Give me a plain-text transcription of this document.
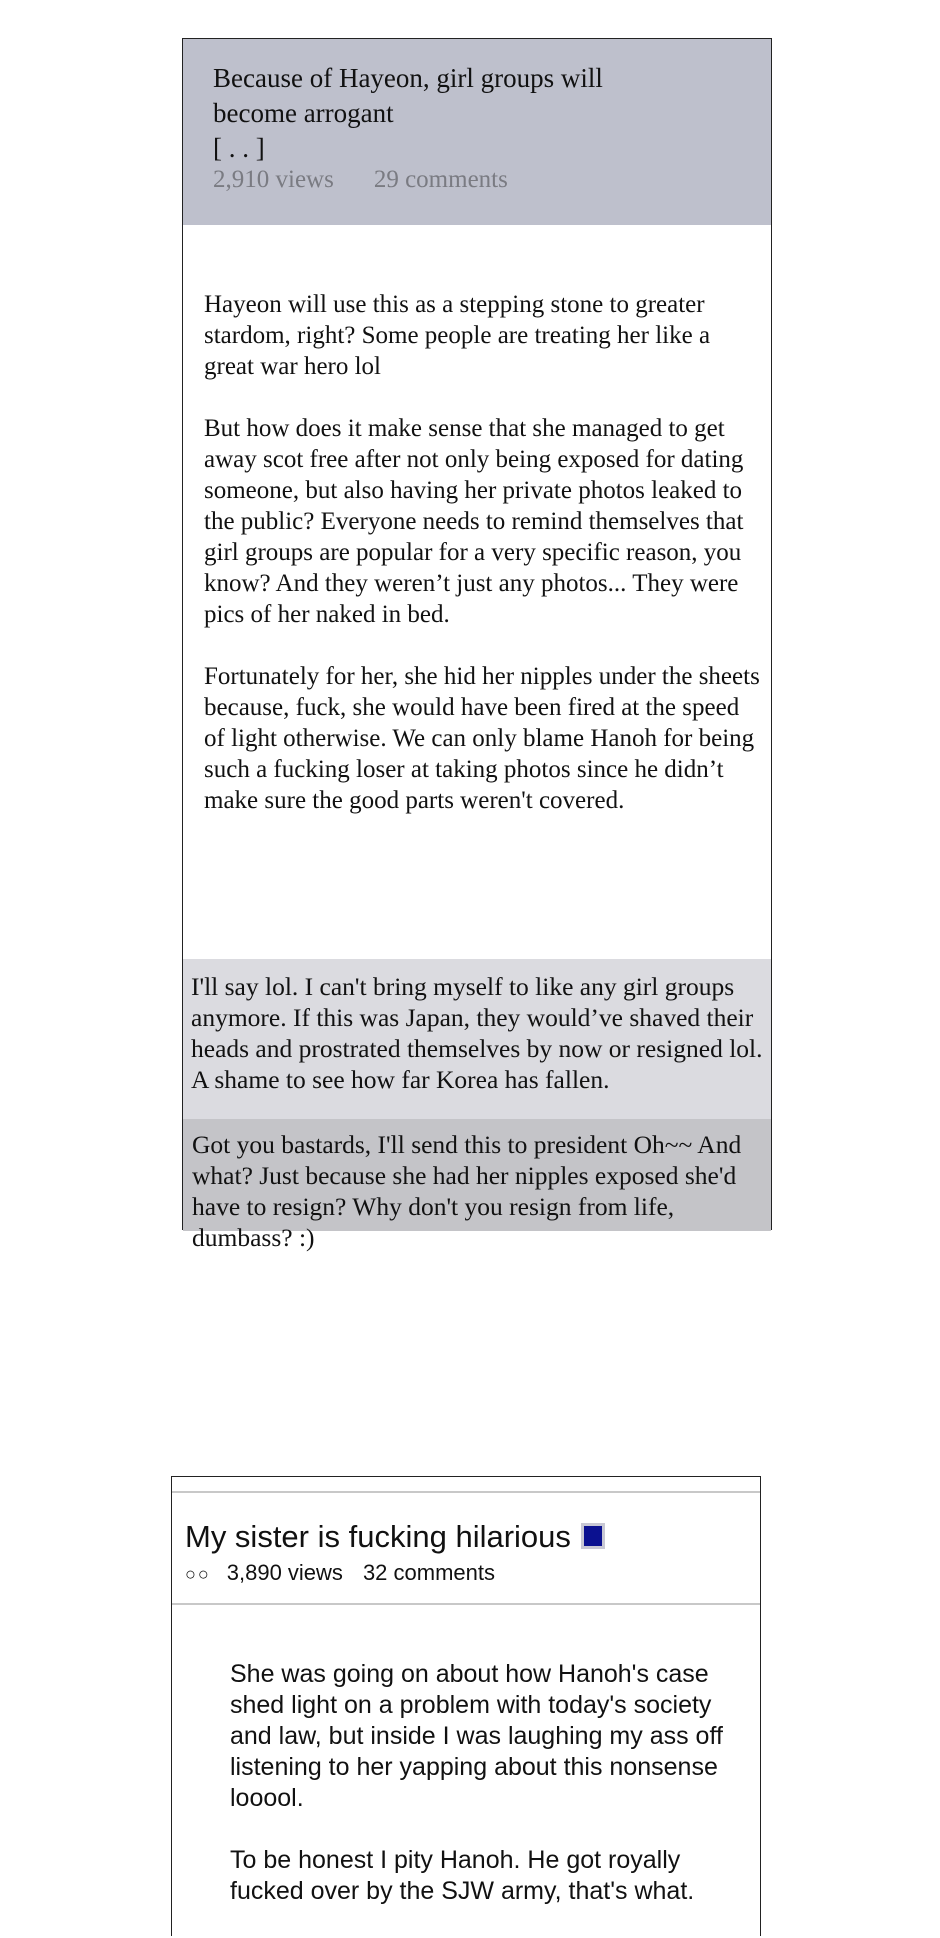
Because of Hayeon, girl groups will become arrogant
[ . . ]
2,910 views 29 comments

Hayeon will use this as a stepping stone to greater stardom, right? Some people are treating her like a great war hero lol

But how does it make sense that she managed to get away scot free after not only being exposed for dating someone, but also having her private photos leaked to the public? Everyone needs to remind themselves that girl groups are popular for a very specific reason, you know? And they weren’t just any photos... They were pics of her naked in bed.

Fortunately for her, she hid her nipples under the sheets because, fuck, she would have been fired at the speed of light otherwise. We can only blame Hanoh for being such a fucking loser at taking photos since he didn’t make sure the good parts weren't covered.

I'll say lol. I can't bring myself to like any girl groups anymore. If this was Japan, they would’ve shaved their heads and prostrated themselves by now or resigned lol. A shame to see how far Korea has fallen.
Got you bastards, I'll send this to president Oh~~ And what? Just because she had her nipples exposed she'd have to resign? Why don't you resign from life, dumbass? :)
My sister is fucking hilarious
○○ 3,890 views 32 comments

She was going on about how Hanoh's case shed light on a problem with today's society and law, but inside I was laughing my ass off listening to her yapping about this nonsense looool.

To be honest I pity Hanoh. He got royally fucked over by the SJW army, that's what.
